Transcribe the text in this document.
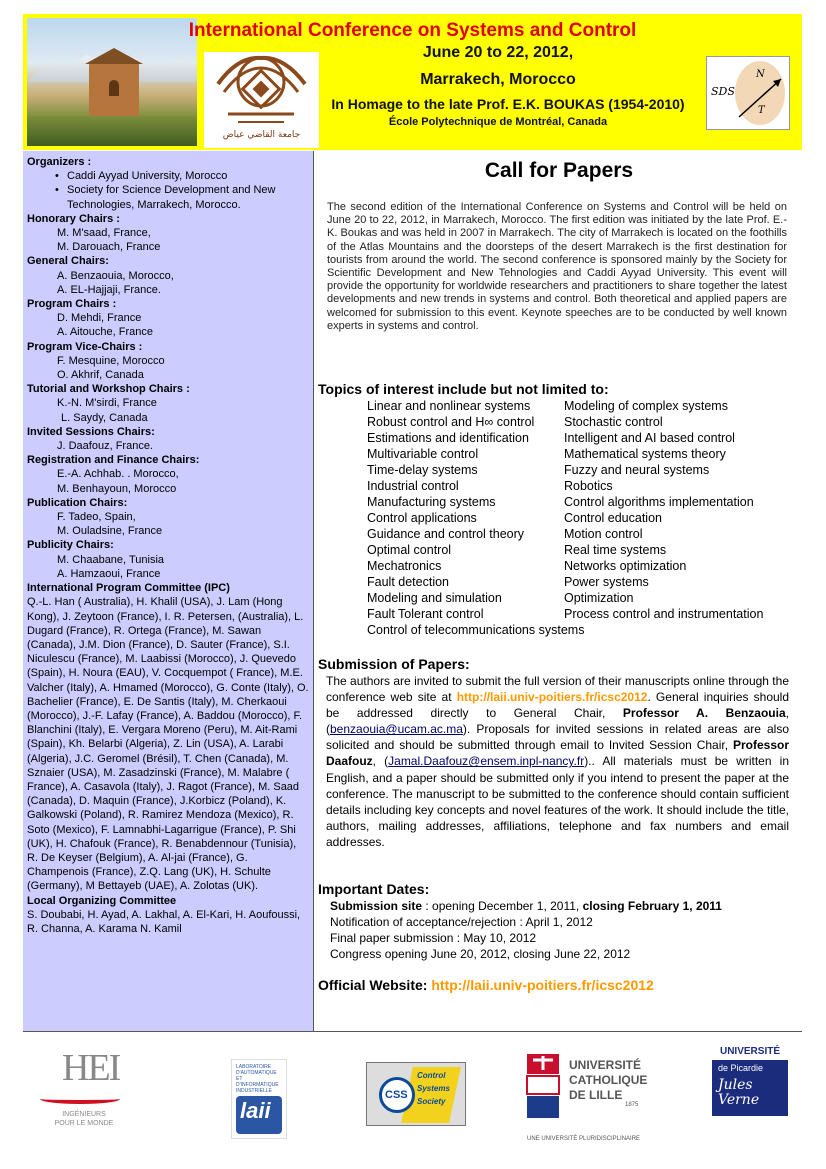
جامعة القاضي عياض
International Conference on Systems and Control
June 20 to 22, 2012,
Marrakech, Morocco
In Homage to the late Prof. E.K. BOUKAS (1954-2010)
École Polytechnique de Montréal, Canada
SDS
N
T
Organizers :
• Caddi Ayyad University, Morocco
• Society for Science Development and New Technologies, Marrakech, Morocco.
Honorary Chairs :
M. M'saad, France,
M. Darouach, France
General Chairs:
A. Benzaouia, Morocco,
A. EL-Hajjaji, France.
Program Chairs :
D. Mehdi, France
A. Aitouche, France
Program Vice-Chairs :
F. Mesquine, Morocco
O. Akhrif, Canada
Tutorial and Workshop Chairs :
K.-N. M'sirdi, France
L. Saydy, Canada
Invited Sessions Chairs:
J. Daafouz, France.
Registration and Finance Chairs:
E.-A. Achhab. . Morocco,
M. Benhayoun, Morocco
Publication Chairs:
F. Tadeo, Spain,
M. Ouladsine, France
Publicity Chairs:
M. Chaabane, Tunisia
A. Hamzaoui, France
International Program Committee (IPC)
Q.-L. Han ( Australia), H. Khalil (USA), J. Lam (Hong Kong), J. Zeytoon (France), I. R. Petersen, (Australia), L. Dugard (France), R. Ortega (France), M. Sawan (Canada), J.M. Dion (France), D. Sauter (France), S.I. Niculescu (France), M. Laabissi (Morocco), J. Quevedo (Spain), H. Noura (EAU), V. Cocquempot ( France), M.E. Valcher (Italy), A. Hmamed (Morocco), G. Conte (Italy), O. Bachelier (France), E. De Santis (Italy), M. Cherkaoui (Morocco), J.-F. Lafay (France), A. Baddou (Morocco), F. Blanchini (Italy), E. Vergara Moreno (Peru), M. Ait-Rami (Spain), Kh. Belarbi (Algeria), Z. Lin (USA), A. Larabi (Algeria), J.C. Geromel (Brésil), T. Chen (Canada), M. Sznaier (USA), M. Zasadzinski (France), M. Malabre ( France), A. Casavola (Italy), J. Ragot (France), M. Saad (Canada), D. Maquin (France), J.Korbicz (Poland), K. Galkowski (Poland), R. Ramirez Mendoza (Mexico), R. Soto (Mexico), F. Lamnabhi-Lagarrigue (France), P. Shi (UK), H. Chafouk (France), R. Benabdennour (Tunisia), R. De Keyser (Belgium), A. Al-jai (France), G. Champenois (France), Z.Q. Lang (UK), H. Schulte (Germany), M Bettayeb (UAE), A. Zolotas (UK).
Local Organizing Committee
S. Doubabi, H. Ayad, A. Lakhal, A. El-Kari, H. Aoufoussi, R. Channa, A. Karama N. Kamil
Call for Papers
The second edition of the International Conference on Systems and Control will be held on June 20 to 22, 2012, in Marrakech, Morocco. The first edition was initiated by the late Prof. E.-K. Boukas and was held in 2007 in Marrakech. The city of Marrakech is located on the foothills of the Atlas Mountains and the doorsteps of the desert Marrakech is the first destination for tourists from around the world. The second conference is sponsored mainly by the Society for Scientific Development and New Tehnologies and Caddi Ayyad University. This event will provide the opportunity for worldwide researchers and practitioners to share together the latest developments and new trends in systems and control. Both theoretical and applied papers are welcomed for submission to this event. Keynote speeches are to be conducted by well known experts in systems and control.
Topics of interest include but not limited to:
Linear and nonlinear systems	Modeling of complex systems
Robust control and H∞ control	Stochastic control
Estimations and identification	Intelligent and AI based control
Multivariable control	Mathematical systems theory
Time-delay systems	Fuzzy and neural systems
Industrial control	Robotics
Manufacturing systems	Control algorithms implementation
Control applications	Control education
Guidance and control theory	Motion control
Optimal control	Real time systems
Mechatronics	Networks optimization
Fault detection	Power systems
Modeling and simulation	Optimization
Fault Tolerant control	Process control and instrumentation
Control of telecommunications systems
Submission of Papers:
The authors are invited to submit the full version of their manuscripts online through the conference web site at http://laii.univ-poitiers.fr/icsc2012. General inquiries should be addressed directly to General Chair, Professor A. Benzaouia, (benzaouia@ucam.ac.ma). Proposals for invited sessions in related areas are also solicited and should be submitted through email to Invited Session Chair, Professor Daafouz, (Jamal.Daafouz@ensem.inpl-nancy.fr).. All materials must be written in English, and a paper should be submitted only if you intend to present the paper at the conference. The manuscript to be submitted to the conference should contain sufficient details including key concepts and novel features of the work. It should include the title, authors, mailing addresses, affiliations, telephone and fax numbers and email addresses.
Important Dates:
Submission site : opening December 1, 2011, closing February 1, 2011
Notification of acceptance/rejection : April 1, 2012
Final paper submission : May 10, 2012
Congress opening June 20, 2012, closing June 22, 2012
Official Website: http://laii.univ-poitiers.fr/icsc2012
HEI
INGÉNIEURS POUR LE MONDE
LABORATOIRE D'AUTOMATIQUE ET D'INFORMATIQUE INDUSTRIELLE
laii
CSS
Control Systems Society
UNIVERSITÉ CATHOLIQUE DE LILLE
1875
UNE UNIVERSITÉ PLURIDISCIPLINAIRE
UNIVERSITÉ
de Picardie
Jules Verne
